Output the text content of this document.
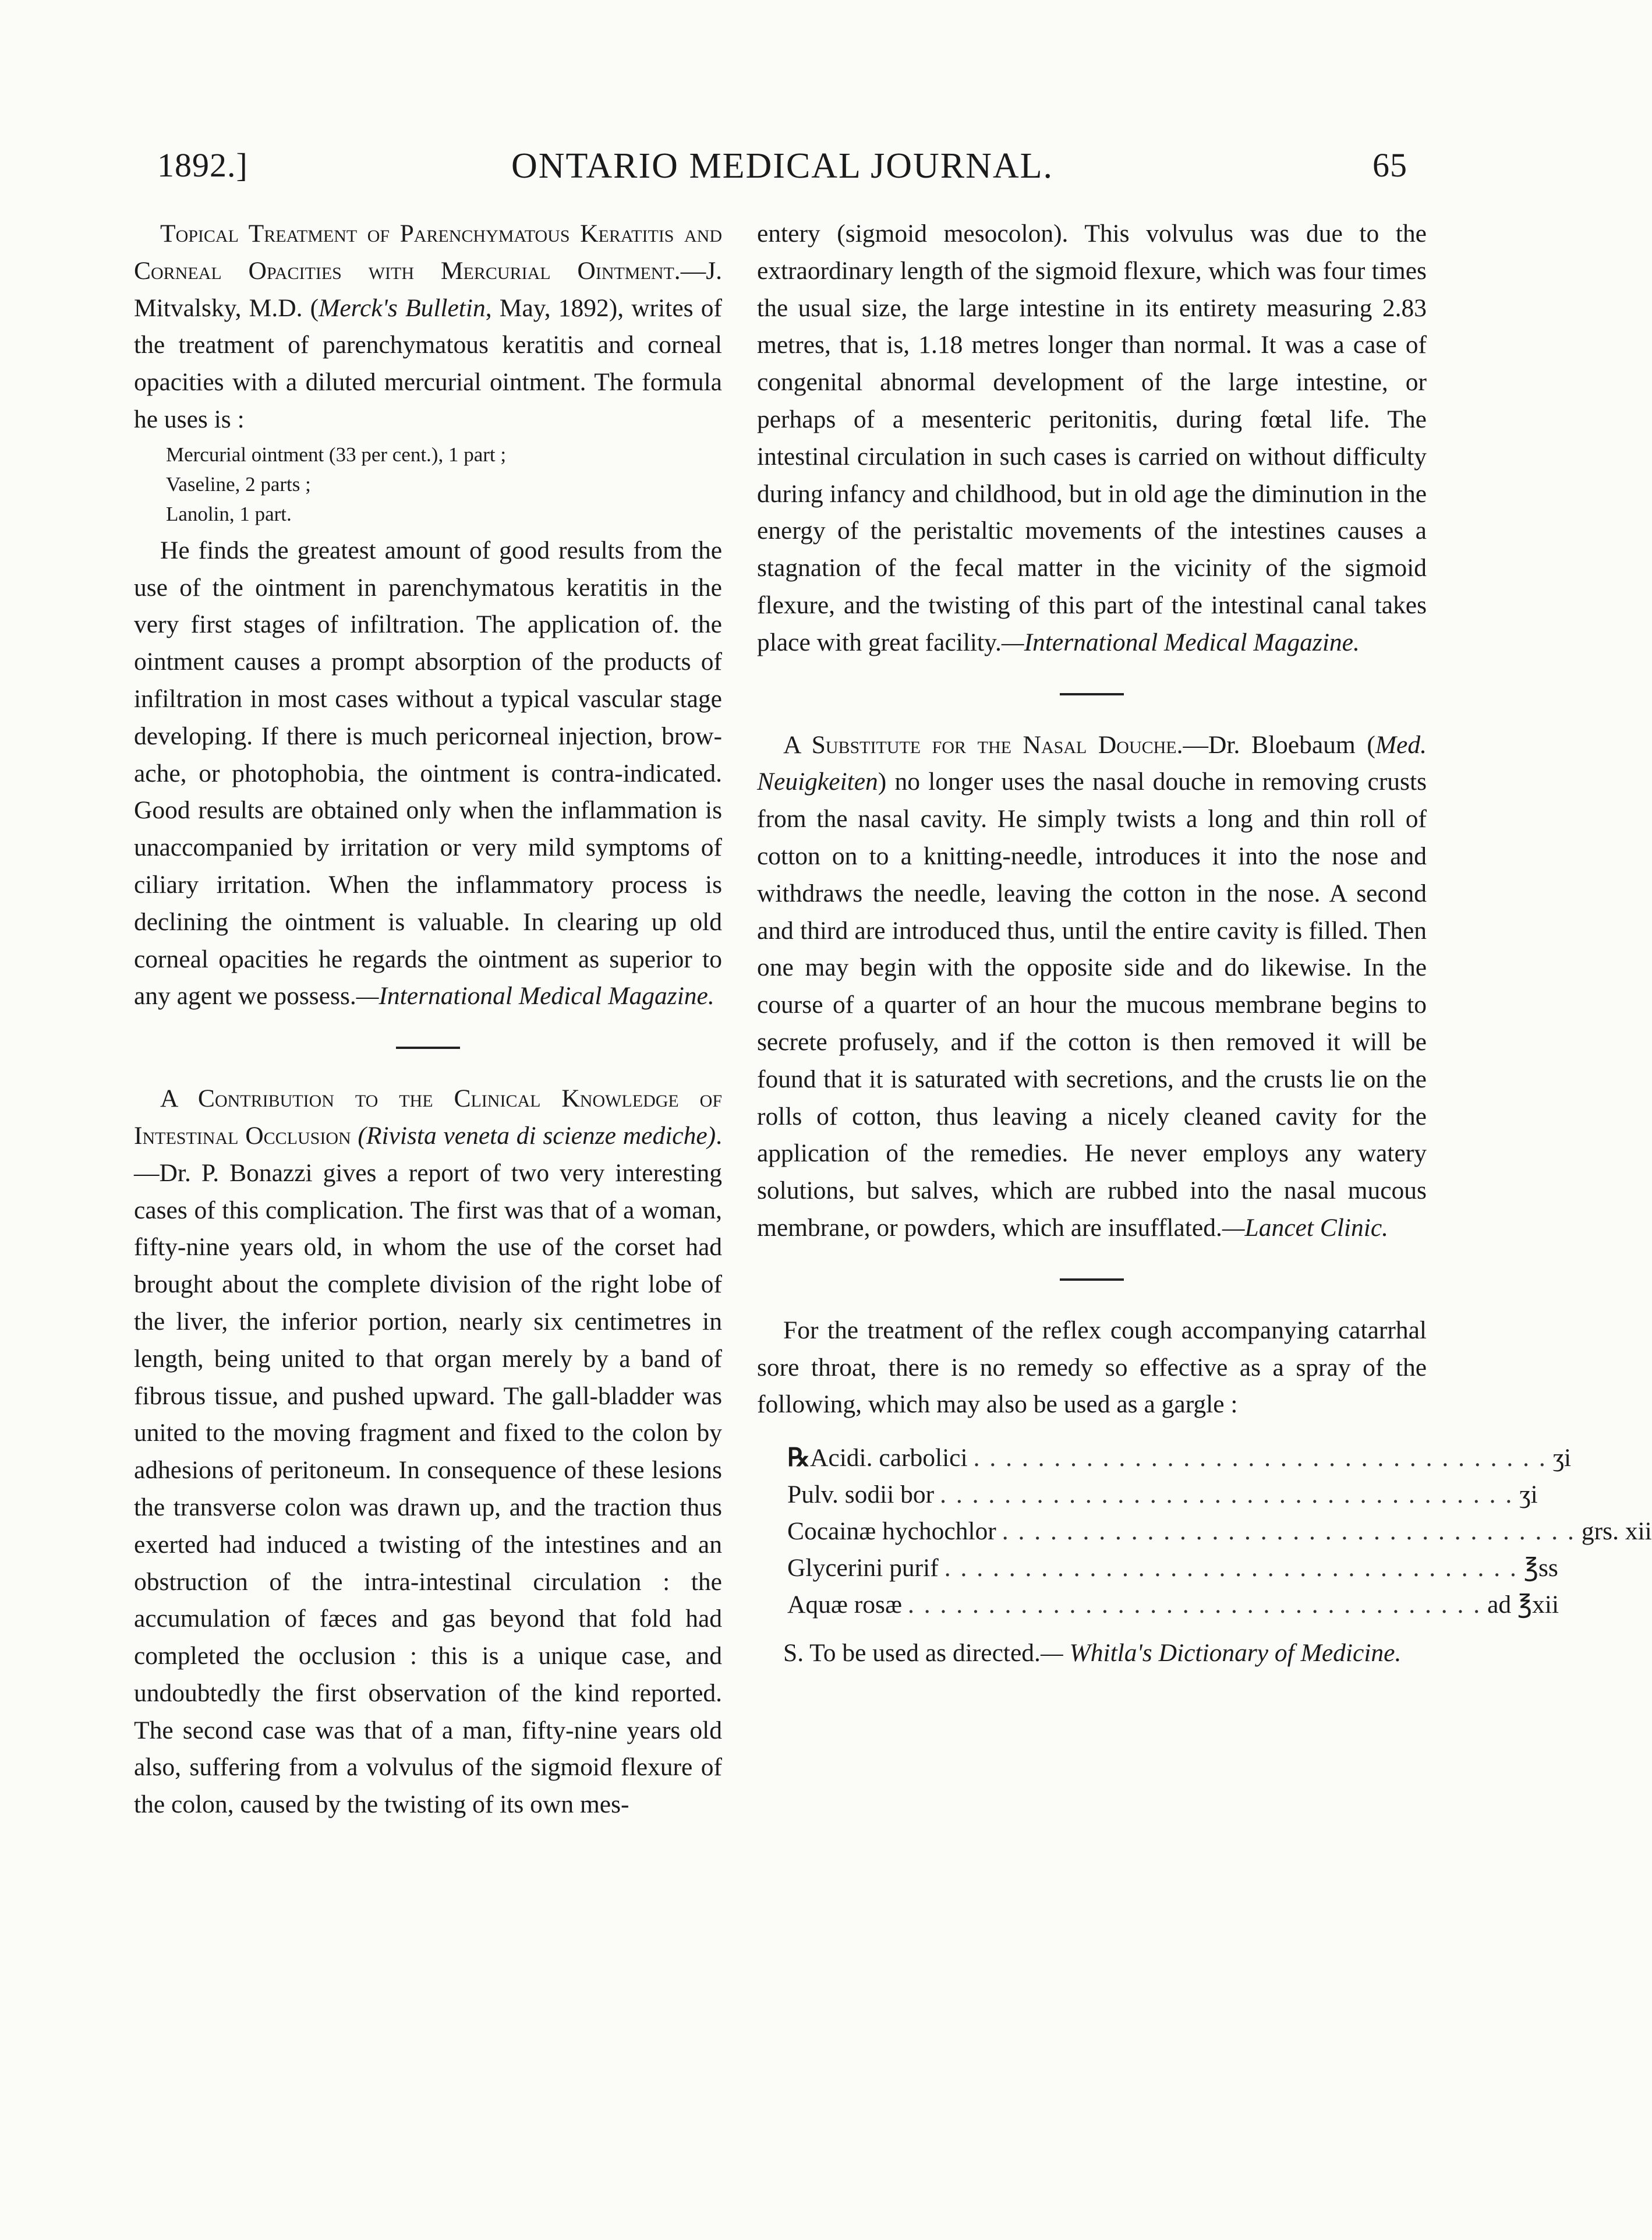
1892.]	ONTARIO MEDICAL JOURNAL.	65

Topical Treatment of Parenchymatous Keratitis and Corneal Opacities with Mercurial Ointment.—J. Mitvalsky, M.D. (Merck's Bulletin, May, 1892), writes of the treatment of parenchymatous keratitis and corneal opacities with a diluted mercurial ointment. The formula he uses is :

Mercurial ointment (33 per cent.), 1 part ;
Vaseline, 2 parts ;
Lanolin, 1 part.

He finds the greatest amount of good results from the use of the ointment in parenchymatous keratitis in the very first stages of infiltration. The application of. the ointment causes a prompt absorption of the products of infiltration in most cases without a typical vascular stage developing. If there is much pericorneal injection, brow-ache, or photophobia, the ointment is contra-indicated. Good results are obtained only when the inflammation is unaccompanied by irritation or very mild symptoms of ciliary irritation. When the inflammatory process is declining the ointment is valuable. In clearing up old corneal opacities he regards the ointment as superior to any agent we possess.—International Medical Magazine.

A Contribution to the Clinical Knowledge of Intestinal Occlusion (Rivista veneta di scienze mediche).—Dr. P. Bonazzi gives a report of two very interesting cases of this complication. The first was that of a woman, fifty-nine years old, in whom the use of the corset had brought about the complete division of the right lobe of the liver, the inferior portion, nearly six centimetres in length, being united to that organ merely by a band of fibrous tissue, and pushed upward. The gall-bladder was united to the moving fragment and fixed to the colon by adhesions of peritoneum. In consequence of these lesions the transverse colon was drawn up, and the traction thus exerted had induced a twisting of the intestines and an obstruction of the intra-intestinal circulation : the accumulation of fæces and gas beyond that fold had completed the occlusion : this is a unique case, and undoubtedly the first observation of the kind reported. The second case was that of a man, fifty-nine years old also, suffering from a volvulus of the sigmoid flexure of the colon, caused by the twisting of its own mes-

entery (sigmoid mesocolon). This volvulus was due to the extraordinary length of the sigmoid flexure, which was four times the usual size, the large intestine in its entirety measuring 2.83 metres, that is, 1.18 metres longer than normal. It was a case of congenital abnormal development of the large intestine, or perhaps of a mesenteric peritonitis, during fœtal life. The intestinal circulation in such cases is carried on without difficulty during infancy and childhood, but in old age the diminution in the energy of the peristaltic movements of the intestines causes a stagnation of the fecal matter in the vicinity of the sigmoid flexure, and the twisting of this part of the intestinal canal takes place with great facility.—International Medical Magazine.

A Substitute for the Nasal Douche.—Dr. Bloebaum (Med. Neuigkeiten) no longer uses the nasal douche in removing crusts from the nasal cavity. He simply twists a long and thin roll of cotton on to a knitting-needle, introduces it into the nose and withdraws the needle, leaving the cotton in the nose. A second and third are introduced thus, until the entire cavity is filled. Then one may begin with the opposite side and do likewise. In the course of a quarter of an hour the mucous membrane begins to secrete profusely, and if the cotton is then removed it will be found that it is saturated with secretions, and the crusts lie on the rolls of cotton, thus leaving a nicely cleaned cavity for the application of the remedies. He never employs any watery solutions, but salves, which are rubbed into the nasal mucous membrane, or powders, which are insufflated.—Lancet Clinic.

For the treatment of the reflex cough accompanying catarrhal sore throat, there is no remedy so effective as a spray of the following, which may also be used as a gargle :

℞ Acidi. carbolici . . . . . . . . . . . . . . . . . . . . . . . . . . . . . . . . . . . . ʒi
Pulv. sodii bor . . . . . . . . . . . . . . . . . . . . . . . . . . . . . . . . . . . . ʒi
Cocainæ hychochlor . . . . . . . . . . . . . . . . . . . . . . . . . . . . . . . . . . . . grs. xii
Glycerini purif . . . . . . . . . . . . . . . . . . . . . . . . . . . . . . . . . . . . ℥ss
Aquæ rosæ . . . . . . . . . . . . . . . . . . . . . . . . . . . . . . . . . . . . ad ℥xii

S. To be used as directed.— Whitla's Dictionary of Medicine.
